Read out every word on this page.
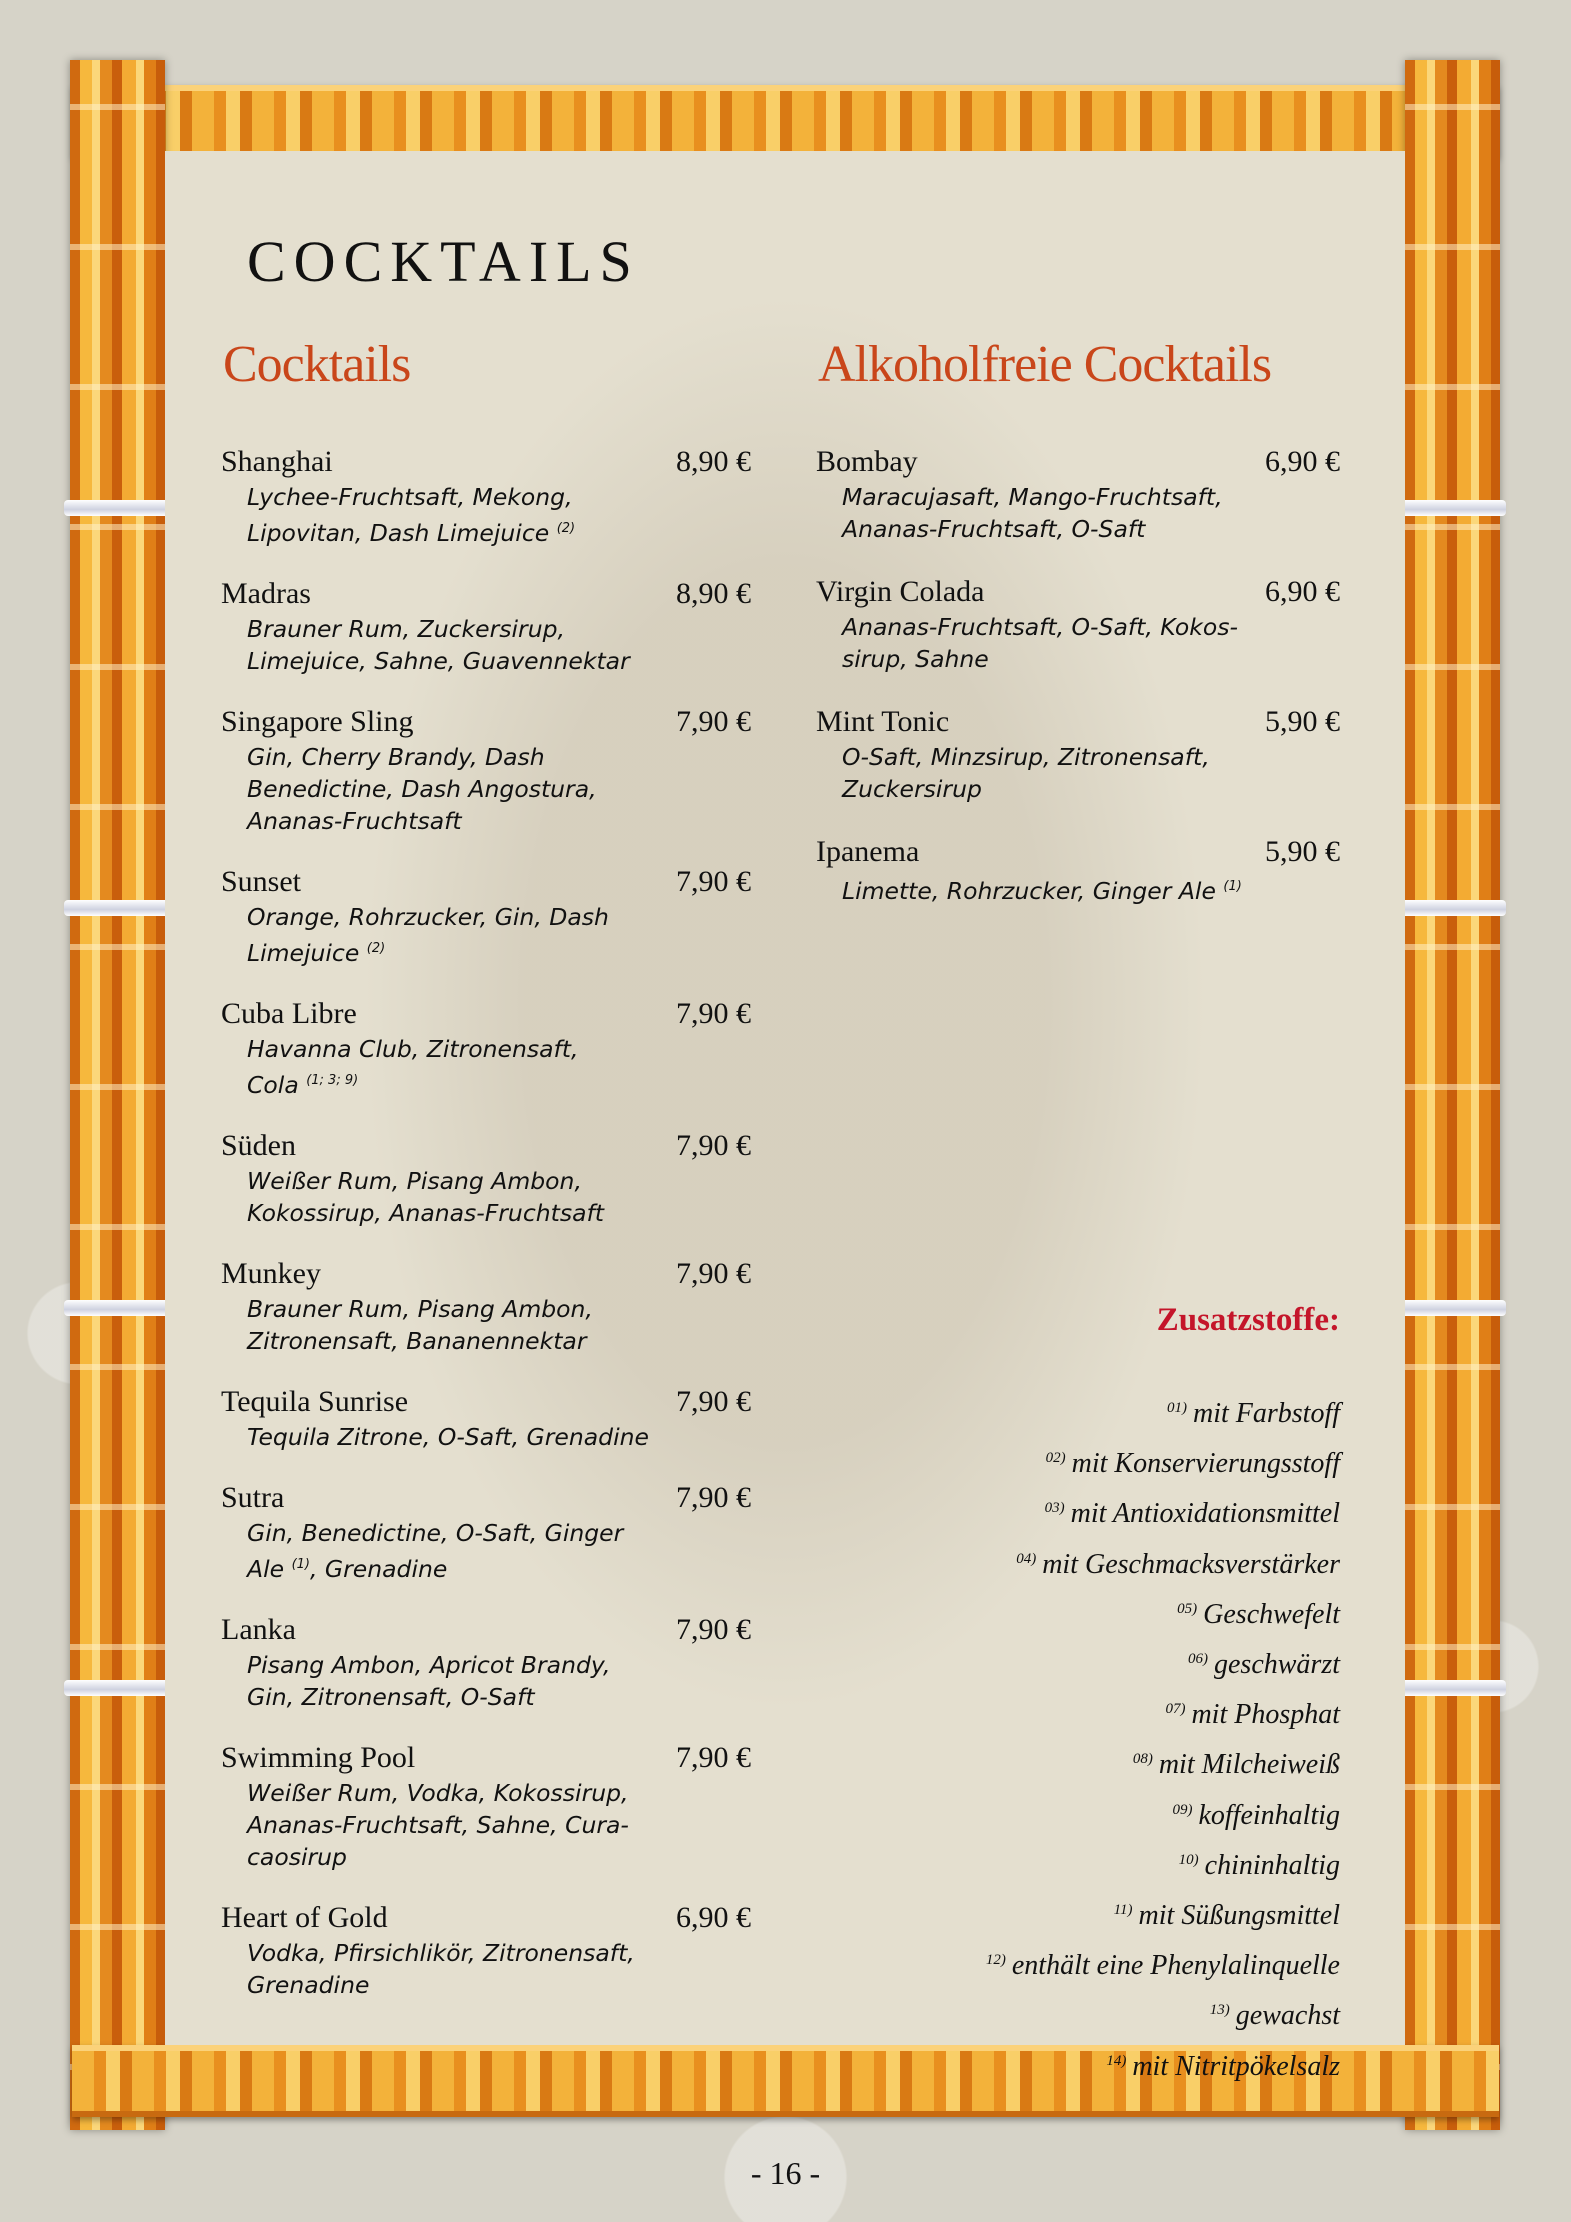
COCKTAILS
Cocktails	Alkoholfreie Cocktails
Shanghai	8,90 €
Lychee-Fruchtsaft, Mekong,
Lipovitan, Dash Limejuice $^{(2)}$
Madras	8,90 €
Brauner Rum, Zuckersirup,
Limejuice, Sahne, Guavennektar
Singapore Sling	7,90 €
Gin, Cherry Brandy, Dash
Benedictine, Dash Angostura,
Ananas-Fruchtsaft
Sunset	7,90 €
Orange, Rohrzucker, Gin, Dash
Limejuice $^{(2)}$
Cuba Libre	7,90 €
Havanna Club, Zitronensaft,
Cola $^{(1; 3; 9)}$
Süden	7,90 €
Weißer Rum, Pisang Ambon,
Kokossirup, Ananas-Fruchtsaft
Munkey	7,90 €
Brauner Rum, Pisang Ambon,
Zitronensaft, Bananennektar
Tequila Sunrise	7,90 €
Tequila Zitrone, O-Saft, Grenadine
Sutra	7,90 €
Gin, Benedictine, O-Saft, Ginger
Ale $^{(1)}$, Grenadine
Lanka	7,90 €
Pisang Ambon, Apricot Brandy,
Gin, Zitronensaft, O-Saft
Swimming Pool	7,90 €
Weißer Rum, Vodka, Kokossirup,
Ananas-Fruchtsaft, Sahne, Cura-
caosirup
Heart of Gold	6,90 €
Vodka, Pfirsichlikör, Zitronensaft,
Grenadine
Bombay	6,90 €
Maracujasaft, Mango-Fruchtsaft,
Ananas-Fruchtsaft, O-Saft
Virgin Colada	6,90 €
Ananas-Fruchtsaft, O-Saft, Kokos-
sirup, Sahne
Mint Tonic	5,90 €
O-Saft, Minzsirup, Zitronensaft,
Zuckersirup
Ipanema	5,90 €
Limette, Rohrzucker, Ginger Ale $^{(1)}$
Zusatzstoffe:
$^{01)}$ mit Farbstoff
$^{02)}$ mit Konservierungsstoff
$^{03)}$ mit Antioxidationsmittel
$^{04)}$ mit Geschmacksverstärker
$^{05)}$ Geschwefelt
$^{06)}$ geschwärzt
$^{07)}$ mit Phosphat
$^{08)}$ mit Milcheiweiß
$^{09)}$ koffeinhaltig
$^{10)}$ chininhaltig
$^{11)}$ mit Süßungsmittel
$^{12)}$ enthält eine Phenylalinquelle
$^{13)}$ gewachst
$^{14)}$ mit Nitritpökelsalz
- 16 -
